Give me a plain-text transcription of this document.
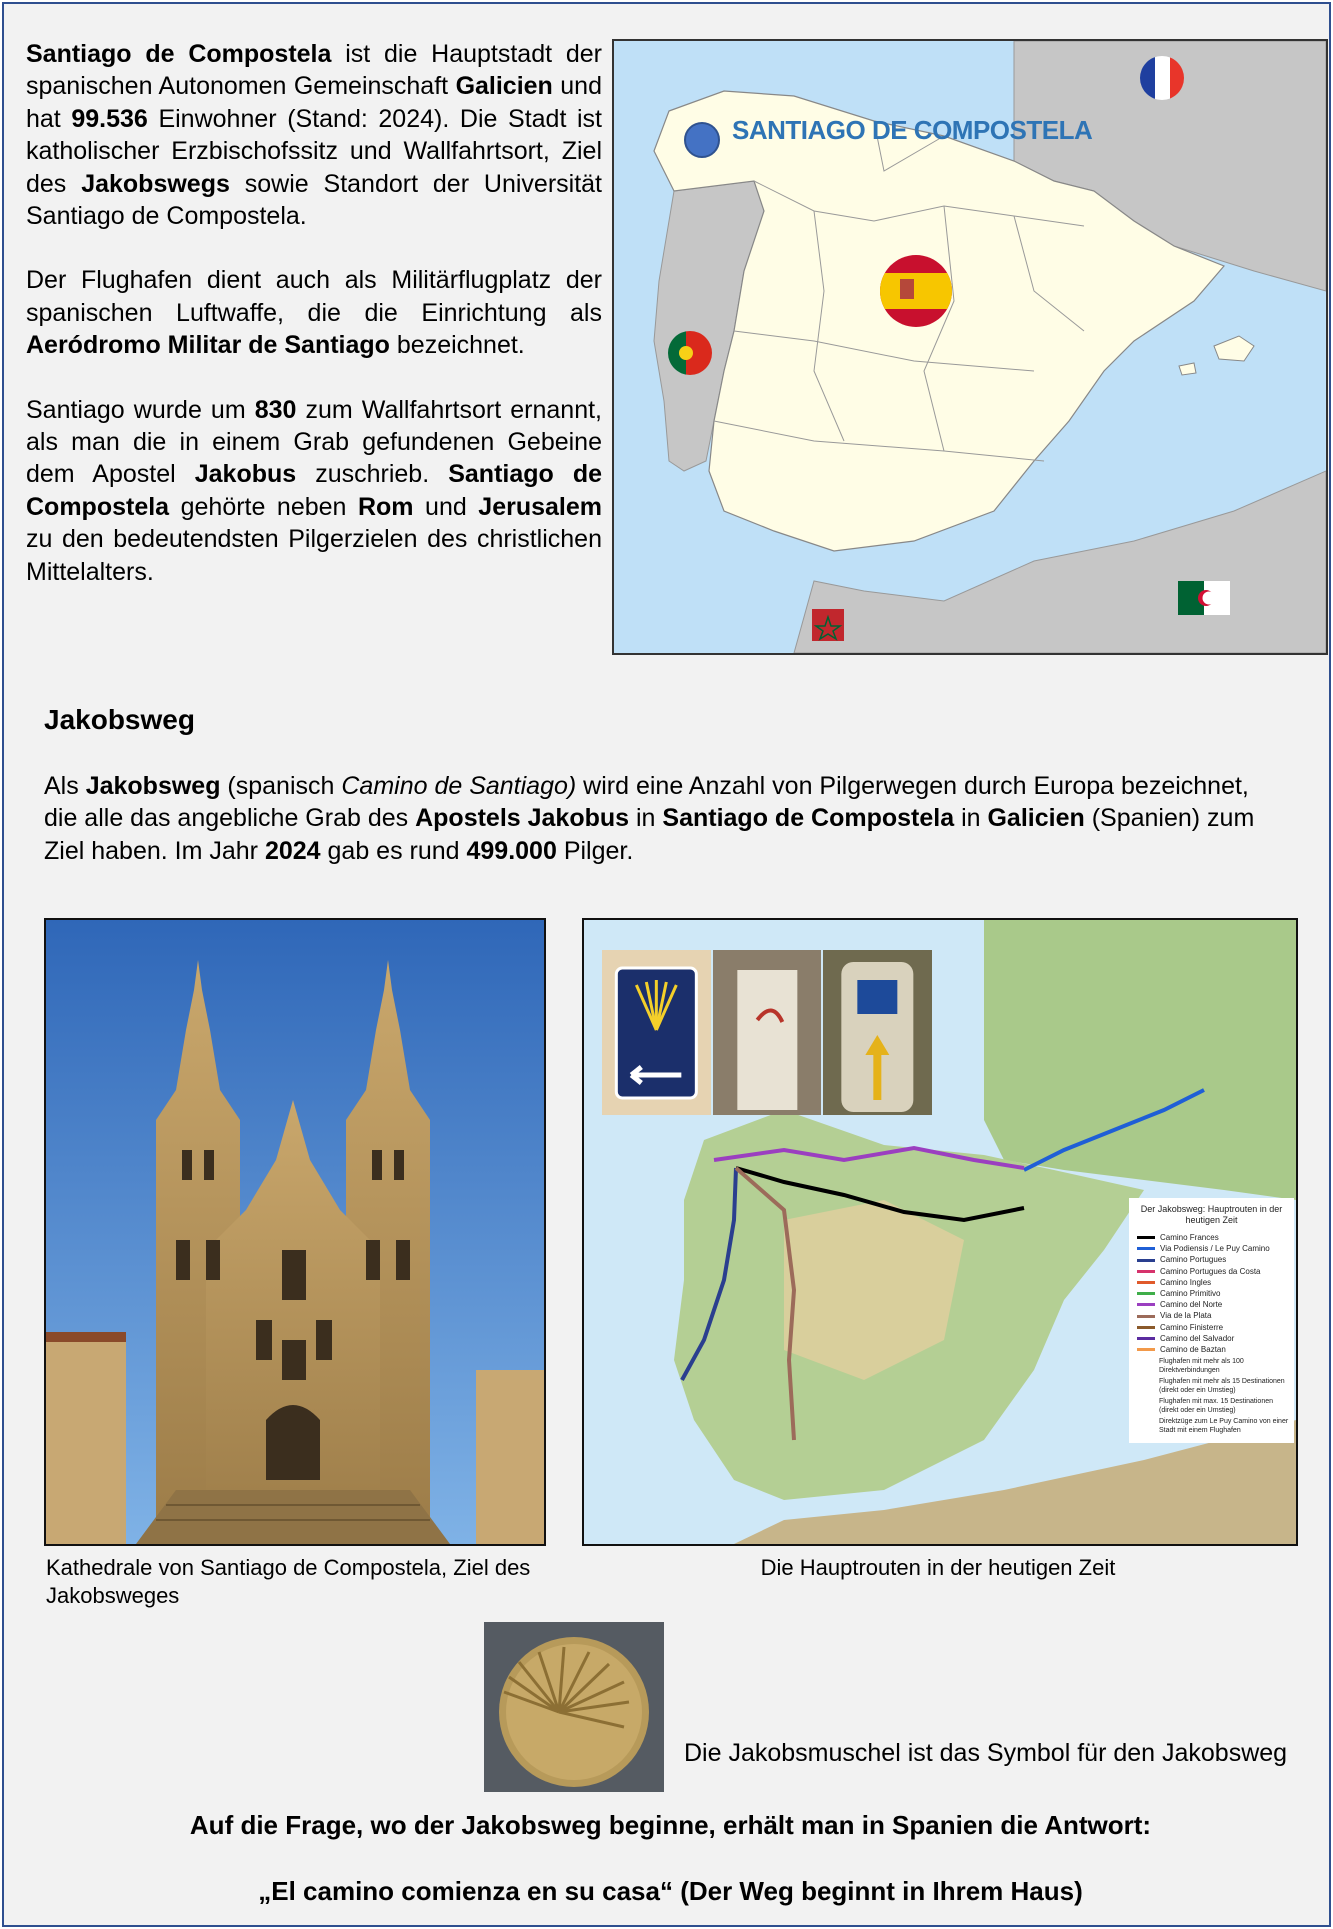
Santiago de Compostela ist die Hauptstadt der spanischen Autonomen Gemeinschaft Galicien und hat 99.536 Einwohner (Stand: 2024). Die Stadt ist katholischer Erzbischofssitz und Wallfahrtsort, Ziel des Jakobswegs sowie Standort der Universität Santiago de Compostela.

Der Flughafen dient auch als Militärflugplatz der spanischen Luftwaffe, die die Einrichtung als Aeródromo Militar de Santiago bezeichnet.

Santiago wurde um 830 zum Wallfahrtsort ernannt, als man die in einem Grab gefundenen Gebeine dem Apostel Jakobus zuschrieb. Santiago de Compostela gehörte neben Rom und Jerusalem zu den bedeutendsten Pilgerzielen des christlichen Mittelalters.

SANTIAGO DE COMPOSTELA
Jakobsweg

Als Jakobsweg (spanisch Camino de Santiago) wird eine Anzahl von Pilgerwegen durch Europa bezeichnet, die alle das angebliche Grab des Apostels Jakobus in Santiago de Compostela in Galicien (Spanien) zum Ziel haben. Im Jahr 2024 gab es rund 499.000 Pilger.

Der Jakobsweg: Hauptrouten in der heutigen Zeit
Camino Frances
Via Podiensis / Le Puy Camino
Camino Portugues
Camino Portugues da Costa
Camino Ingles
Camino Primitivo
Camino del Norte
Via de la Plata
Camino Finisterre
Camino del Salvador
Camino de Baztan
Flughafen mit mehr als 100 Direktverbindungen
Flughafen mit mehr als 15 Destinationen (direkt oder ein Umstieg)
Flughafen mit max. 15 Destinationen (direkt oder ein Umstieg)
Direktzüge zum Le Puy Camino von einer Stadt mit einem Flughafen
Kathedrale von Santiago de Compostela, Ziel des Jakobsweges
Die Hauptrouten in der heutigen Zeit
Die Jakobsmuschel ist das Symbol für den Jakobsweg
Auf die Frage, wo der Jakobsweg beginne, erhält man in Spanien die Antwort:
„El camino comienza en su casa“ (Der Weg beginnt in Ihrem Haus)
